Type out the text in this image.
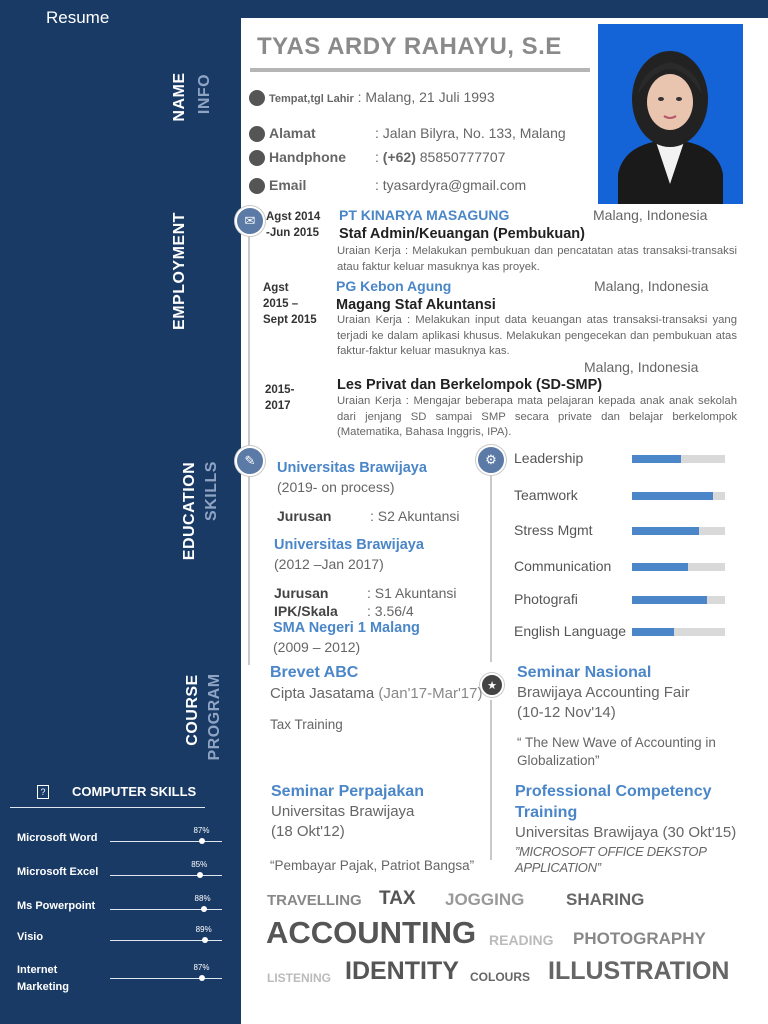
Resume
NAME INFO
EMPLOYMENT
EDUCATION SKILLS
COURSE PROGRAM
TYAS ARDY RAHAYU, S.E
Tempat,tgl Lahir : Malang, 21 Juli 1993
Alamat	: Jalan Bilyra, No. 133, Malang
Handphone : (+62) 85850777707
Email	: tyasardyra@gmail.com
✉ Agst 2014
-Jun 2015
PT KINARYA MASAGUNG	Malang, Indonesia
Staf Admin/Keuangan (Pembukuan)
Uraian Kerja : Melakukan pembukuan dan pencatatan atas transaksi-transaksi atau faktur keluar masuknya kas proyek.
Agst
2015 –
Sept 2015
PG Kebon Agung	Malang, Indonesia
Magang Staf Akuntansi
Uraian Kerja : Melakukan input data keuangan atas transaksi-transaksi yang terjadi ke dalam aplikasi khusus. Melakukan pengecekan dan pembukuan atas faktur-faktur keluar masuknya kas.
Malang, Indonesia
2015-
2017
Les Privat dan Berkelompok (SD-SMP)
Uraian Kerja : Mengajar beberapa mata pelajaran kepada anak anak sekolah dari jenjang SD sampai SMP secara private dan belajar berkelompok (Matematika, Bahasa Inggris, IPA).
✎	Universitas Brawijaya
(2019- on process)
Jurusan	: S2 Akuntansi
Universitas Brawijaya
(2012 –Jan 2017)
Jurusan	: S1 Akuntansi
IPK/Skala : 3.56/4
SMA Negeri 1 Malang
(2009 – 2012)
⚙	Leadership
Teamwork
Stress Mgmt
Communication
Photografi
English Language
★
Brevet ABC
Cipta Jasatama (Jan'17-Mar'17)
Tax Training
Seminar Nasional
Brawijaya Accounting Fair
(10-12 Nov'14)
“ The New Wave of Accounting in Globalization”
Seminar Perpajakan
Universitas Brawijaya
(18 Okt'12)
“Pembayar Pajak, Patriot Bangsa”
Professional Competency
Training
Universitas Brawijaya (30 Okt'15)
”MICROSOFT OFFICE DEKSTOP APPLICATION”
? COMPUTER SKILLS
Microsoft Word
87%
Microsoft Excel
85%
Ms Powerpoint
88%
Visio
89%
Internet Marketing
87%
TRAVELLING TAX JOGGING SHARING
ACCOUNTING READING PHOTOGRAPHY
LISTENING IDENTITY COLOURS ILLUSTRATION
